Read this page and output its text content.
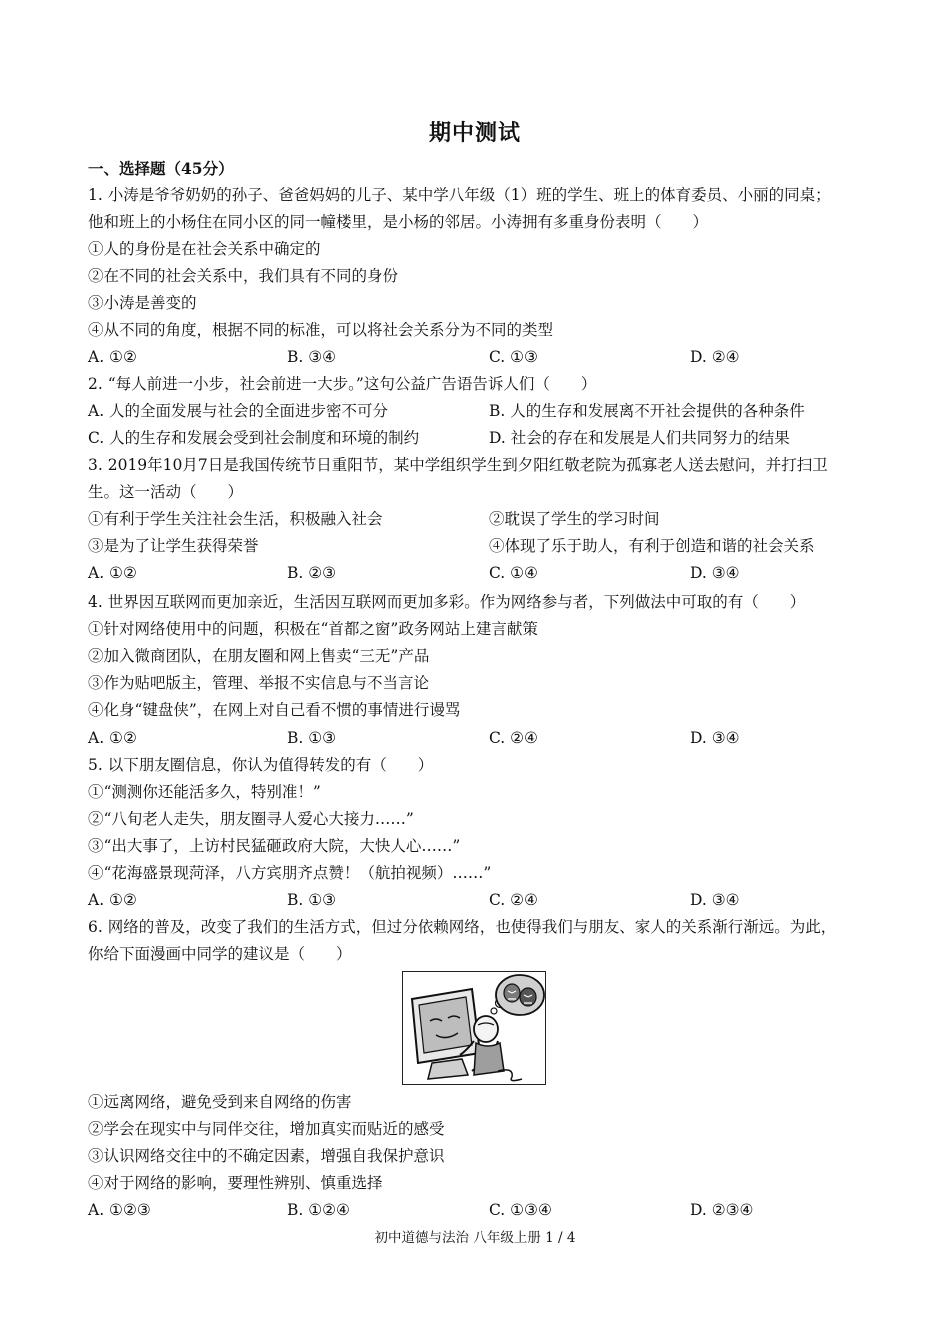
期中测试
一、选择题（45分）
1. 小涛是爷爷奶奶的孙子、爸爸妈妈的儿子、某中学八年级（1）班的学生、班上的体育委员、小丽的同桌；
他和班上的小杨住在同小区的同一幢楼里，是小杨的邻居。小涛拥有多重身份表明（　　）
①人的身份是在社会关系中确定的
②在不同的社会关系中，我们具有不同的身份
③小涛是善变的
④从不同的角度，根据不同的标准，可以将社会关系分为不同的类型
A. ①②	B. ③④	C. ①③	D. ②④
2. “每人前进一小步，社会前进一大步。”这句公益广告语告诉人们（　　）
A. 人的全面发展与社会的全面进步密不可分	B. 人的生存和发展离不开社会提供的各种条件
C. 人的生存和发展会受到社会制度和环境的制约	D. 社会的存在和发展是人们共同努力的结果
3. 2019年10月7日是我国传统节日重阳节，某中学组织学生到夕阳红敬老院为孤寡老人送去慰问，并打扫卫
生。这一活动（　　）
①有利于学生关注社会生活，积极融入社会	②耽误了学生的学习时间
③是为了让学生获得荣誉	④体现了乐于助人，有利于创造和谐的社会关系
A. ①②	B. ②③	C. ①④	D. ③④
4. 世界因互联网而更加亲近，生活因互联网而更加多彩。作为网络参与者，下列做法中可取的有（　　）
①针对网络使用中的问题，积极在“首都之窗”政务网站上建言献策
②加入微商团队，在朋友圈和网上售卖“三无”产品
③作为贴吧版主，管理、举报不实信息与不当言论
④化身“键盘侠”，在网上对自己看不惯的事情进行谩骂
A. ①②	B. ①③	C. ②④	D. ③④
5. 以下朋友圈信息，你认为值得转发的有（　　）
①“测测你还能活多久，特别准！”
②“八旬老人走失，朋友圈寻人爱心大接力……”
③“出大事了，上访村民猛砸政府大院，大快人心……”
④“花海盛景现菏泽，八方宾朋齐点赞！（航拍视频）……”
A. ①②	B. ①③	C. ②④	D. ③④
6. 网络的普及，改变了我们的生活方式，但过分依赖网络，也使得我们与朋友、家人的关系渐行渐远。为此，
你给下面漫画中同学的建议是（　　）
①远离网络，避免受到来自网络的伤害
②学会在现实中与同伴交往，增加真实而贴近的感受
③认识网络交往中的不确定因素，增强自我保护意识
④对于网络的影响，要理性辨别、慎重选择
A. ①②③	B. ①②④	C. ①③④	D. ②③④
初中道德与法治 八年级上册 1 / 4
